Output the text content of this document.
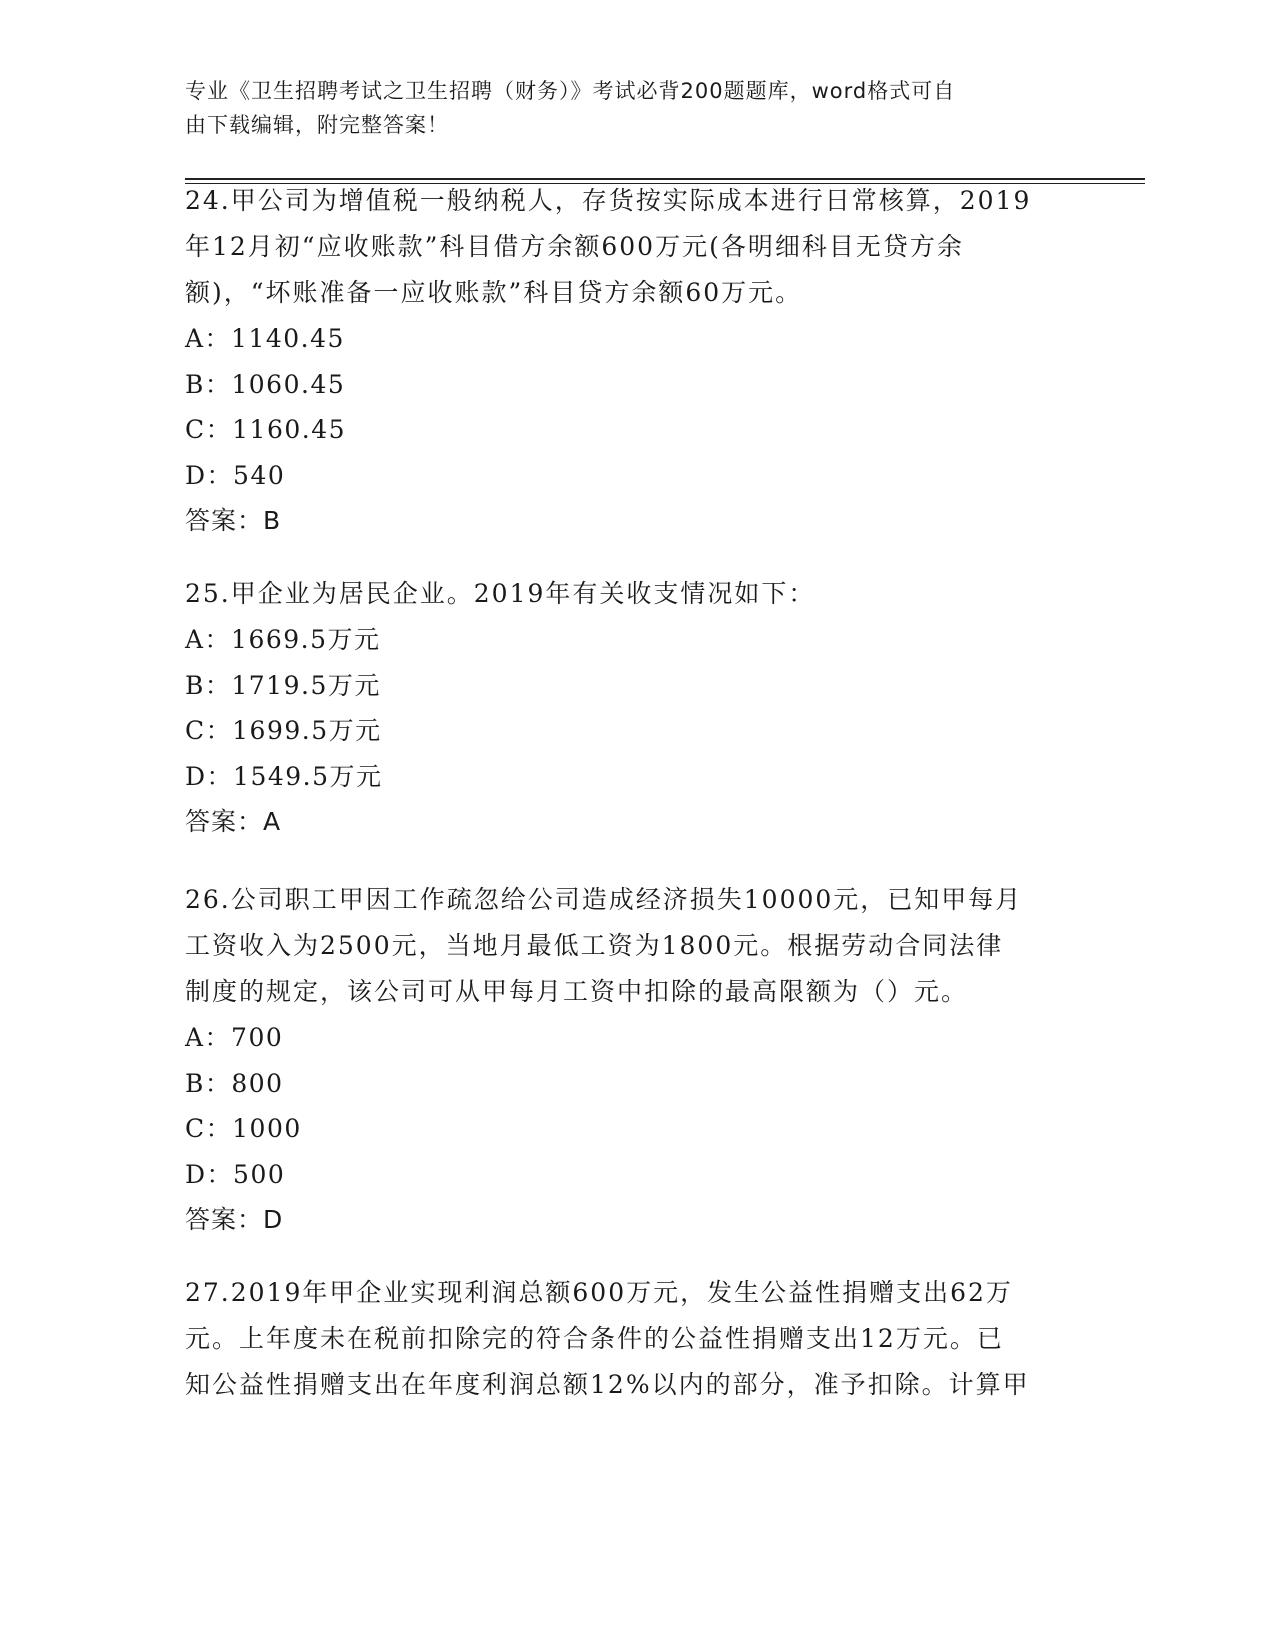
专业《卫生招聘考试之卫生招聘（财务）》考试必背200题题库，word格式可自
由下载编辑，附完整答案！

24.甲公司为增值税一般纳税人，存货按实际成本进行日常核算，2019

年12月初“应收账款”科目借方余额600万元(各明细科目无贷方余

额)，“坏账准备一应收账款”科目贷方余额60万元。

A：1140.45

B：1060.45

C：1160.45

D：540

答案：B

25.甲企业为居民企业。2019年有关收支情况如下：

A：1669.5万元

B：1719.5万元

C：1699.5万元

D：1549.5万元

答案：A

26.公司职工甲因工作疏忽给公司造成经济损失10000元，已知甲每月

工资收入为2500元，当地月最低工资为1800元。根据劳动合同法律

制度的规定，该公司可从甲每月工资中扣除的最高限额为（）元。

A：700

B：800

C：1000

D：500

答案：D

27.2019年甲企业实现利润总额600万元，发生公益性捐赠支出62万

元。上年度未在税前扣除完的符合条件的公益性捐赠支出12万元。已

知公益性捐赠支出在年度利润总额12%以内的部分，准予扣除。计算甲
